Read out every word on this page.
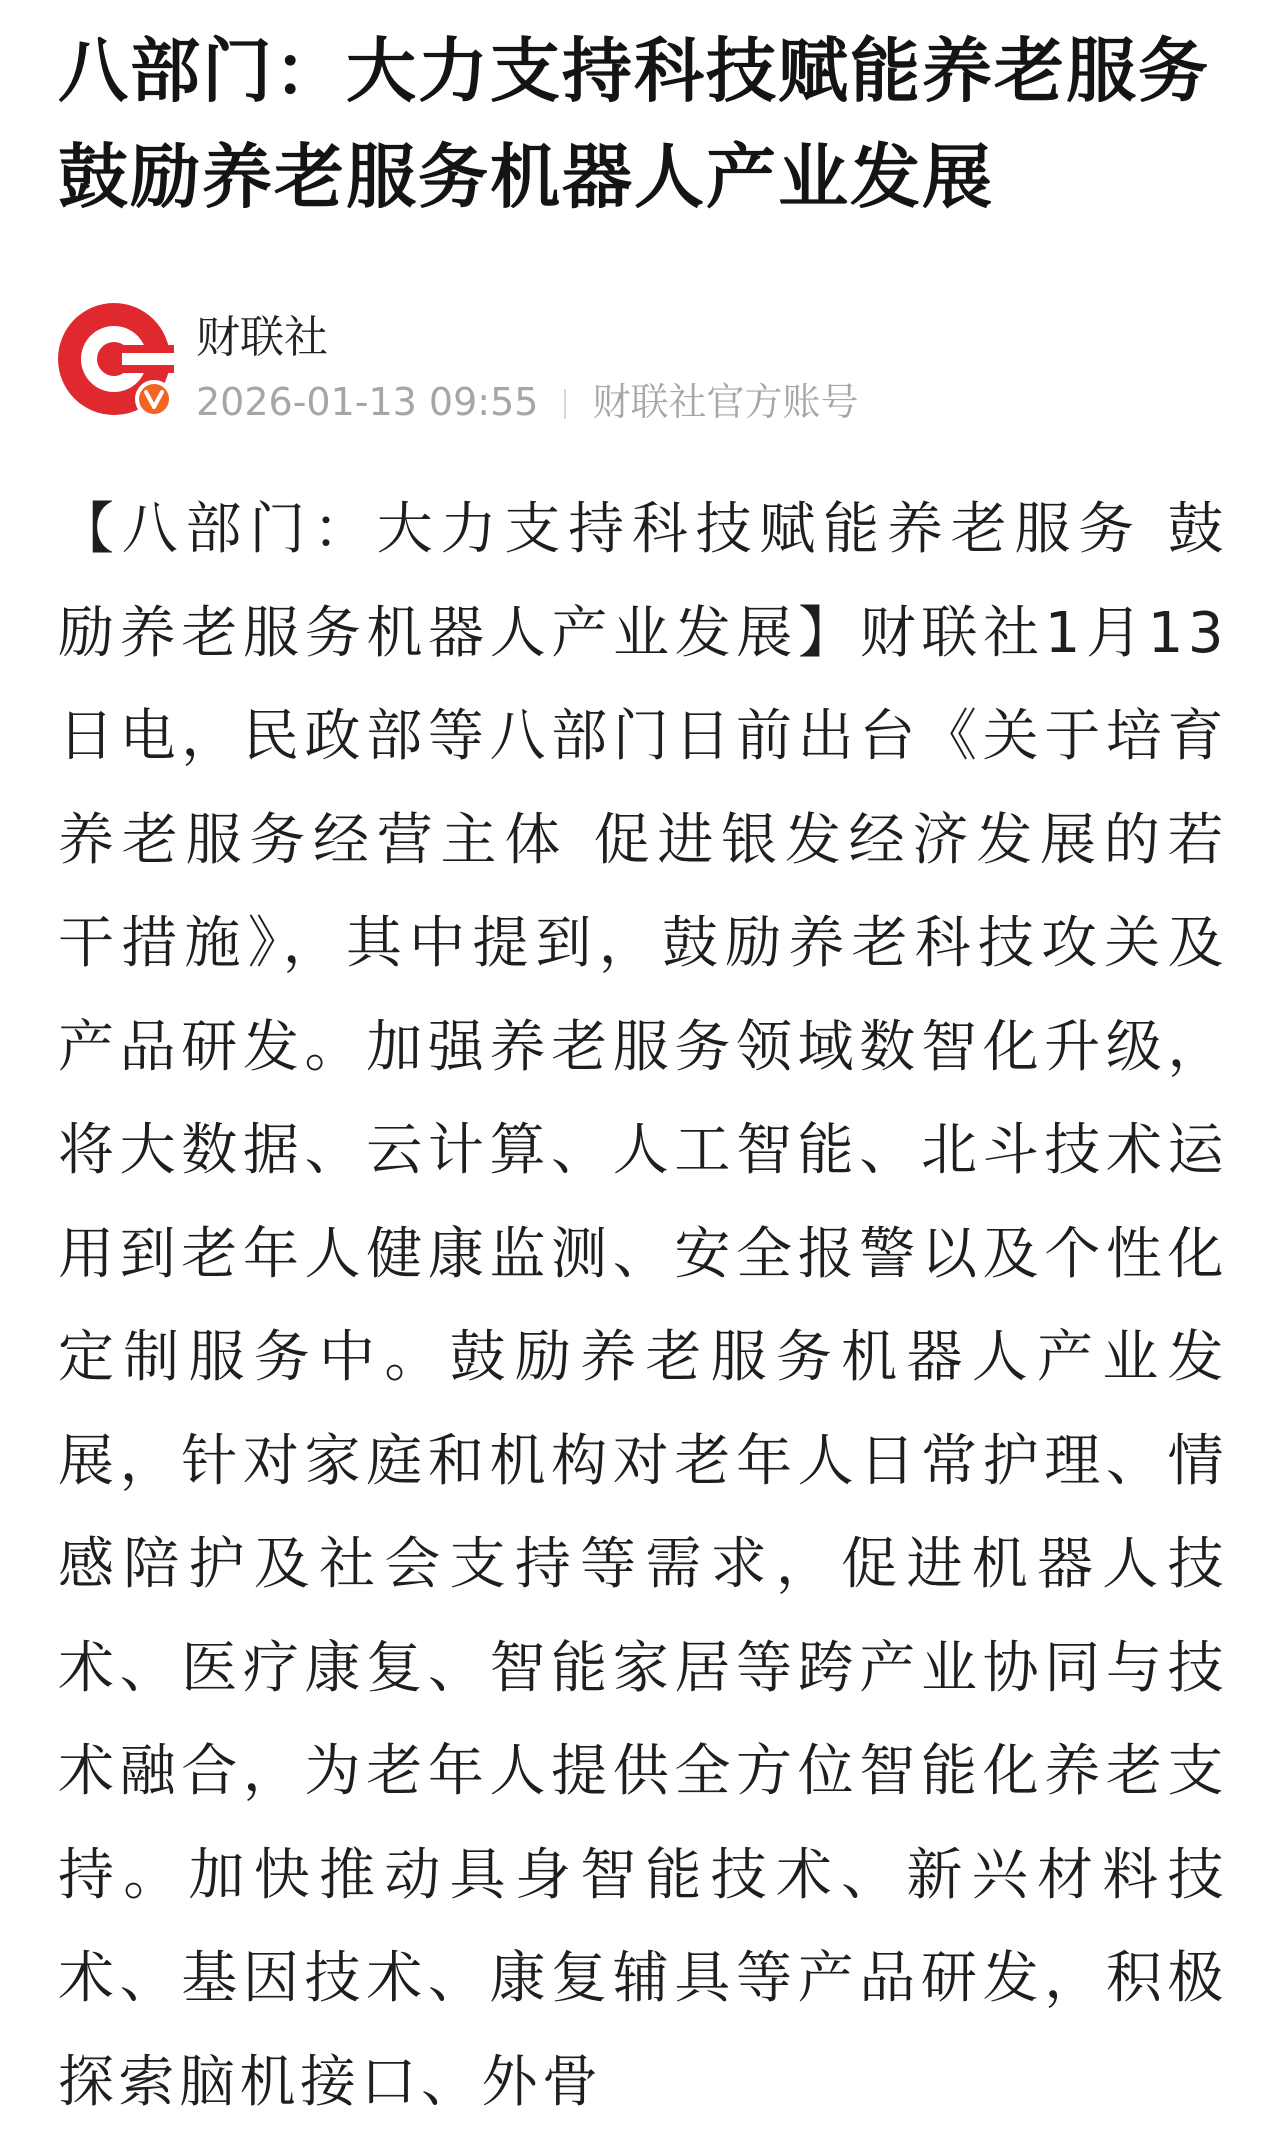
八部门：大力支持科技赋能养老服务 鼓励养老服务机器人产业发展
财联社
2026-01-13 09:55 财联社官方账号
【八部门：大力支持科技赋能养老服务 鼓励养老服务机器人产业发展】财联社1月13日电，民政部等八部门日前出台《关于培育养老服务经营主体 促进银发经济发展的若干措施》，其中提到，鼓励养老科技攻关及产品研发。加强养老服务领域数智化升级，将大数据、云计算、人工智能、北斗技术运用到老年人健康监测、安全报警以及个性化定制服务中。鼓励养老服务机器人产业发展，针对家庭和机构对老年人日常护理、情感陪护及社会支持等需求，促进机器人技术、医疗康复、智能家居等跨产业协同与技术融合，为老年人提供全方位智能化养老支持。加快推动具身智能技术、新兴材料技术、基因技术、康复辅具等产品研发，积极探索脑机接口、外骨
